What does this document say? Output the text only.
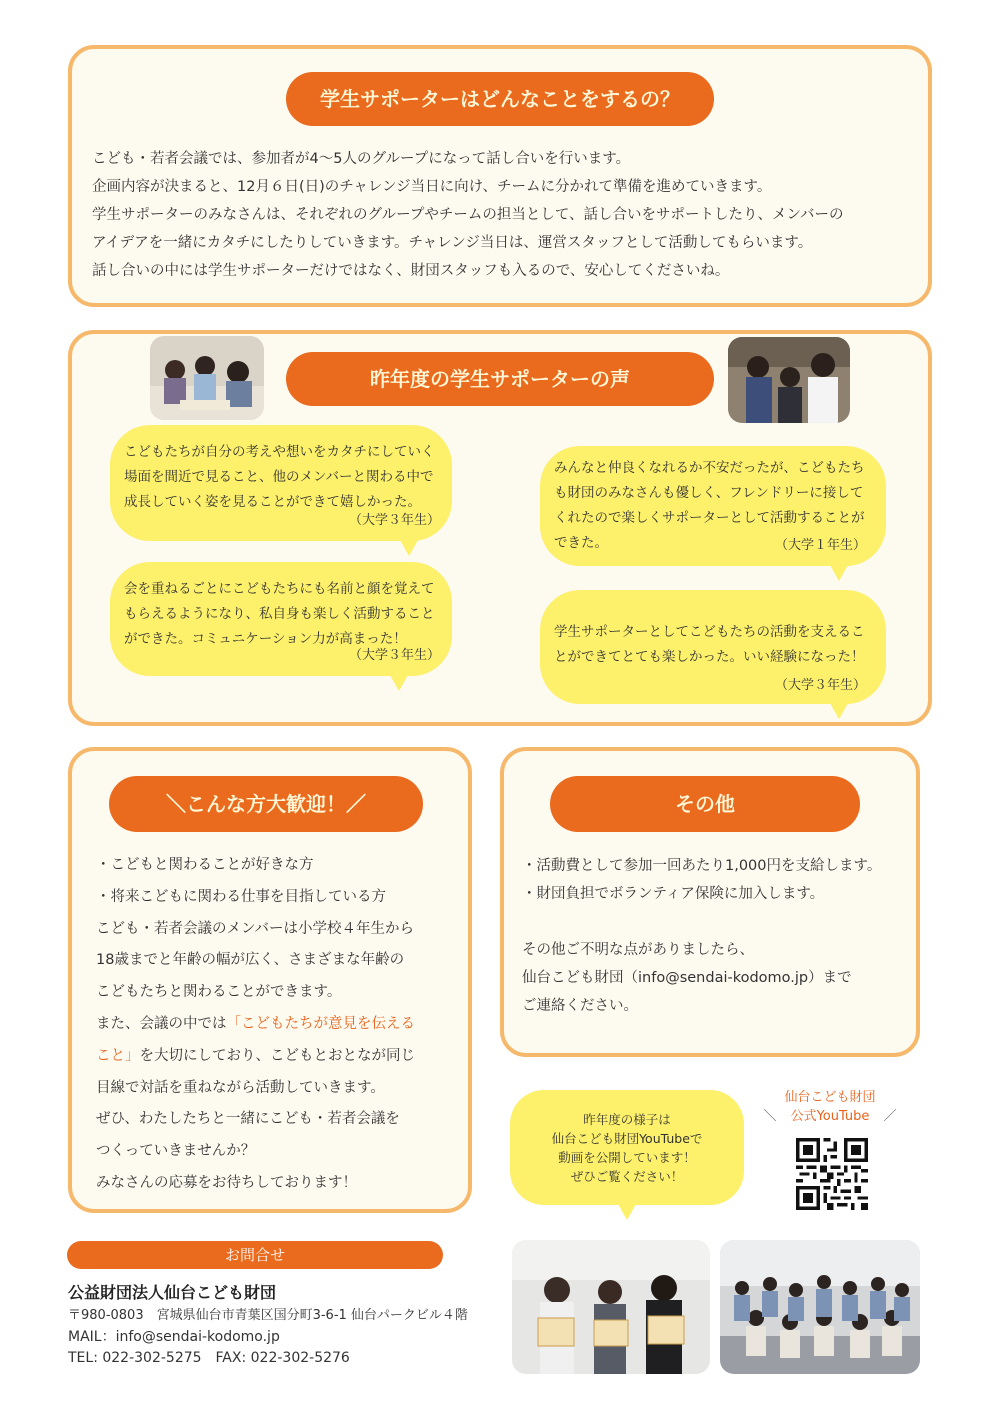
学生サポーターはどんなことをするの？
こども・若者会議では、参加者が4～5人のグループになって話し合いを行います。
企画内容が決まると、12月６日(日)のチャレンジ当日に向け、チームに分かれて準備を進めていきます。
学生サポーターのみなさんは、それぞれのグループやチームの担当として、話し合いをサポートしたり、メンバーの
アイデアを一緒にカタチにしたりしていきます。チャレンジ当日は、運営スタッフとして活動してもらいます。
話し合いの中には学生サポーターだけではなく、財団スタッフも入るので、安心してくださいね。
昨年度の学生サポーターの声
こどもたちが自分の考えや想いをカタチにしていく
場面を間近で見ること、他のメンバーと関わる中で
成長していく姿を見ることができて嬉しかった。
（大学３年生）
会を重ねるごとにこどもたちにも名前と顔を覚えて
もらえるようになり、私自身も楽しく活動すること
ができた。コミュニケーション力が高まった！
（大学３年生）
みんなと仲良くなれるか不安だったが、こどもたち
も財団のみなさんも優しく、フレンドリーに接して
くれたので楽しくサポーターとして活動することが
できた。	（大学１年生）
学生サポーターとしてこどもたちの活動を支えるこ
とができてとても楽しかった。いい経験になった！
（大学３年生）
＼こんな方大歓迎！／
・こどもと関わることが好きな方
・将来こどもに関わる仕事を目指している方
こども・若者会議のメンバーは小学校４年生から
18歳までと年齢の幅が広く、さまざまな年齢の
こどもたちと関わることができます。
また、会議の中では「こどもたちが意見を伝える
こと」を大切にしており、こどもとおとなが同じ
目線で対話を重ねながら活動していきます。
ぜひ、わたしたちと一緒にこども・若者会議を
つくっていきませんか？
みなさんの応募をお待ちしております！
その他
・活動費として参加一回あたり1,000円を支給します。
・財団負担でボランティア保険に加入します。
その他ご不明な点がありましたら、
仙台こども財団（info@sendai-kodomo.jp）まで
ご連絡ください。
昨年度の様子は
仙台こども財団YouTubeで
動画を公開しています！
ぜひご覧ください！
仙台こども財団
＼ 公式YouTube ／
お問合せ
公益財団法人仙台こども財団
〒980-0803　宮城県仙台市青葉区国分町3-6-1 仙台パークビル４階
MAIL：info@sendai-kodomo.jp
TEL: 022-302-5275　FAX: 022-302-5276
